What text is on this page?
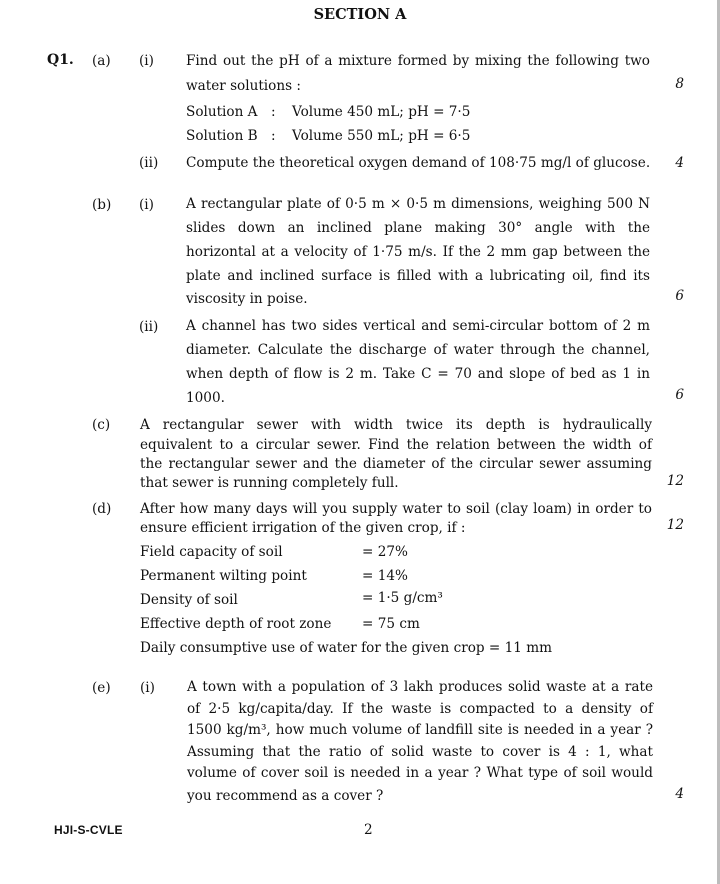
SECTION A
Q1. (a) (i) Find out the pH of a mixture formed by mixing the following two
water solutions :	8
Solution A : Volume 450 mL; pH = 7·5
Solution B : Volume 550 mL; pH = 6·5
(ii) Compute the theoretical oxygen demand of 108·75 mg/l of glucose.	4
(b) (i) A rectangular plate of 0·5 m × 0·5 m dimensions, weighing 500 N
slides down an inclined plane making 30° angle with the
horizontal at a velocity of 1·75 m/s. If the 2 mm gap between the
plate and inclined surface is filled with a lubricating oil, find its
viscosity in poise.	6
(ii) A channel has two sides vertical and semi-circular bottom of 2 m
diameter. Calculate the discharge of water through the channel,
when depth of flow is 2 m. Take C = 70 and slope of bed as 1 in
1000.	6
(c) A rectangular sewer with width twice its depth is hydraulically
equivalent to a circular sewer. Find the relation between the width of
the rectangular sewer and the diameter of the circular sewer assuming
that sewer is running completely full.	12
(d) After how many days will you supply water to soil (clay loam) in order to
ensure efficient irrigation of the given crop, if :	12
Field capacity of soil	= 27%
Permanent wilting point	= 14%
Density of soil	= 1·5 g/cm³
Effective depth of root zone = 75 cm
Daily consumptive use of water for the given crop = 11 mm
(e) (i) A town with a population of 3 lakh produces solid waste at a rate
of 2·5 kg/capita/day. If the waste is compacted to a density of
1500 kg/m³, how much volume of landfill site is needed in a year ?
Assuming that the ratio of solid waste to cover is 4 : 1, what
volume of cover soil is needed in a year ? What type of soil would
you recommend as a cover ?	4
HJI-S-CVLE	2
